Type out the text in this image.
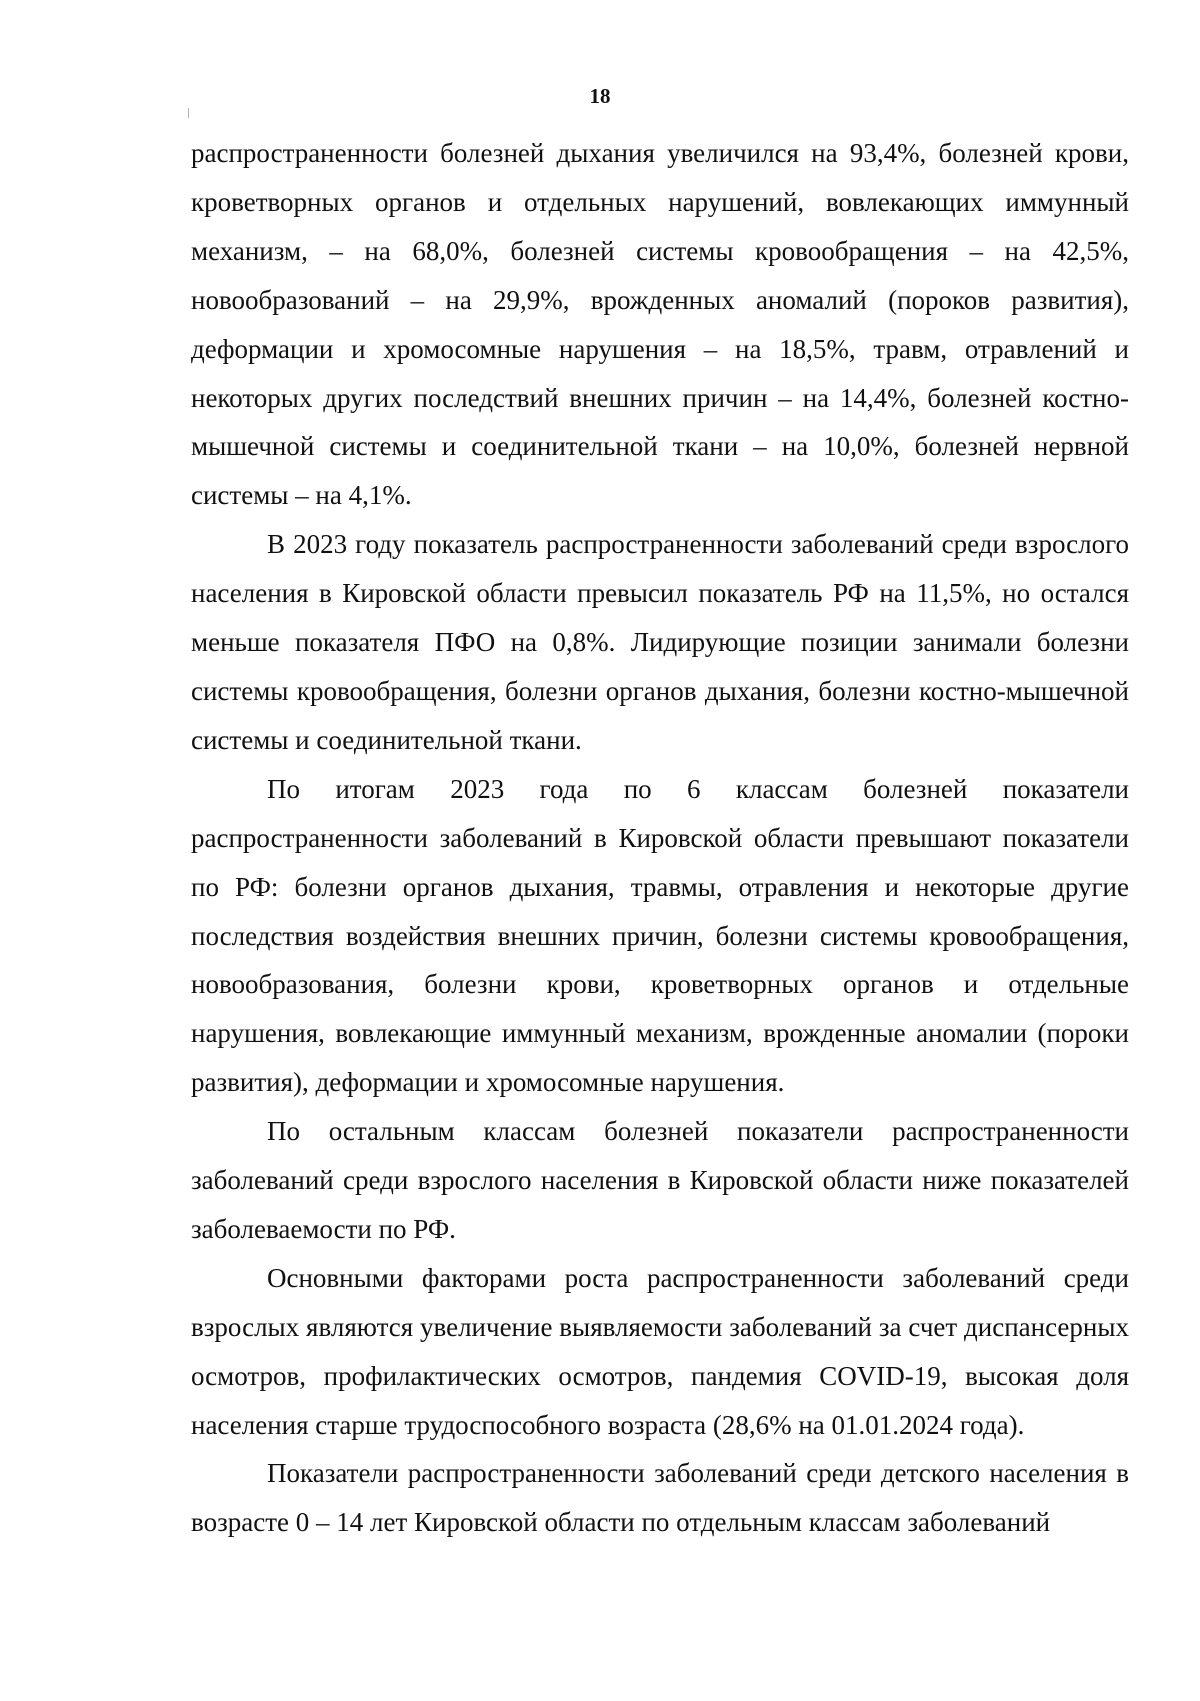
18

распространенности болезней дыхания увеличился на 93,4%, болезней крови, кроветворных органов и отдельных нарушений, вовлекающих иммунный механизм, – на 68,0%, болезней системы кровообращения – на 42,5%, новообразований – на 29,9%, врожденных аномалий (пороков развития), деформации и хромосомные нарушения – на 18,5%, травм, отравлений и некоторых других последствий внешних причин – на 14,4%, болезней костно-мышечной системы и соединительной ткани – на 10,0%, болезней нервной системы – на 4,1%.

В 2023 году показатель распространенности заболеваний среди взрослого населения в Кировской области превысил показатель РФ на 11,5%, но остался меньше показателя ПФО на 0,8%. Лидирующие позиции занимали болезни системы кровообращения, болезни органов дыхания, болезни костно-мышечной системы и соединительной ткани.

По итогам 2023 года по 6 классам болезней показатели распространенности заболеваний в Кировской области превышают показатели по РФ: болезни органов дыхания, травмы, отравления и некоторые другие последствия воздействия внешних причин, болезни системы кровообращения, новообразования, болезни крови, кроветворных органов и отдельные нарушения, вовлекающие иммунный механизм, врожденные аномалии (пороки развития), деформации и хромосомные нарушения.

По остальным классам болезней показатели распространенности заболеваний среди взрослого населения в Кировской области ниже показателей заболеваемости по РФ.

Основными факторами роста распространенности заболеваний среди взрослых являются увеличение выявляемости заболеваний за счет диспансерных осмотров, профилактических осмотров, пандемия COVID-19, высокая доля населения старше трудоспособного возраста (28,6% на 01.01.2024 года).

Показатели распространенности заболеваний среди детского населения в возрасте 0 – 14 лет Кировской области по отдельным классам заболеваний
